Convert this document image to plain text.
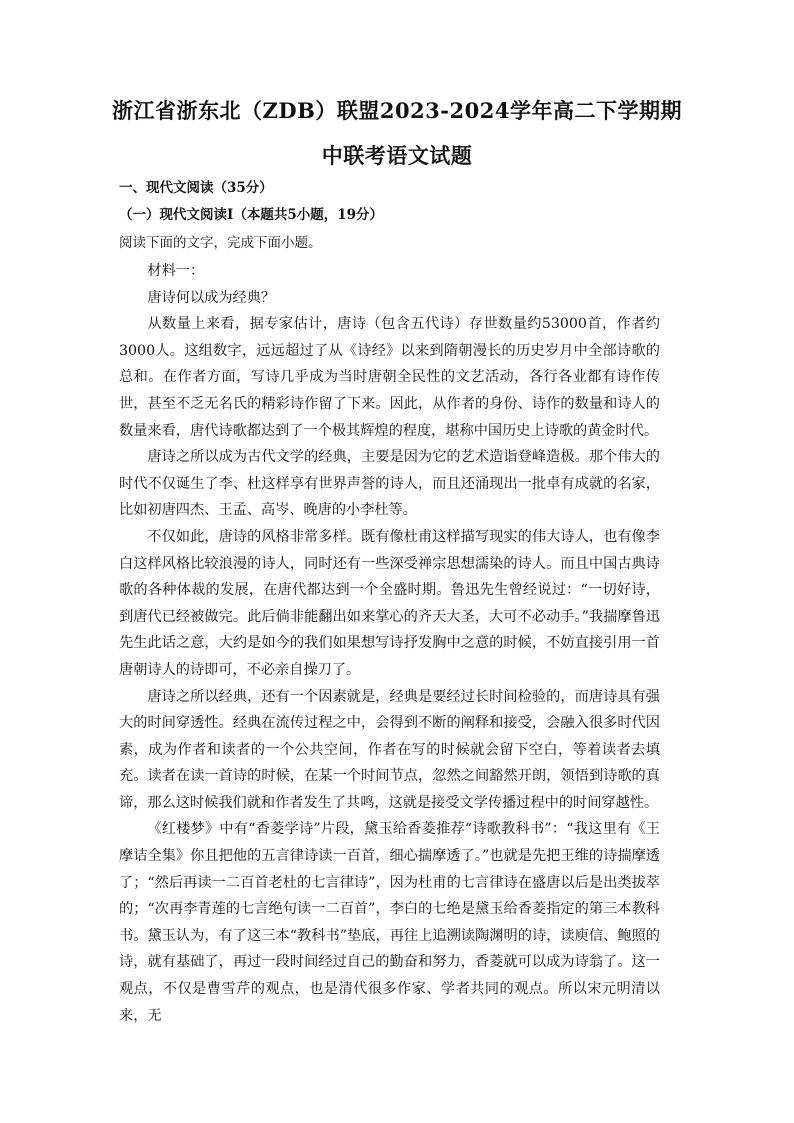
浙江省浙东北（ZDB）联盟2023-2024学年高二下学期期
中联考语文试题
一、现代文阅读（35分）
（一）现代文阅读Ⅰ（本题共5小题，19分）
阅读下面的文字，完成下面小题。

材料一：

唐诗何以成为经典？

从数量上来看，据专家估计，唐诗（包含五代诗）存世数量约53000首，作者约3000人。这组数字，远远超过了从《诗经》以来到隋朝漫长的历史岁月中全部诗歌的总和。在作者方面，写诗几乎成为当时唐朝全民性的文艺活动，各行各业都有诗作传世，甚至不乏无名氏的精彩诗作留了下来。因此，从作者的身份、诗作的数量和诗人的数量来看，唐代诗歌都达到了一个极其辉煌的程度，堪称中国历史上诗歌的黄金时代。

唐诗之所以成为古代文学的经典，主要是因为它的艺术造诣登峰造极。那个伟大的时代不仅诞生了李、杜这样享有世界声誉的诗人，而且还涌现出一批卓有成就的名家，比如初唐四杰、王孟、高岑、晚唐的小李杜等。

不仅如此，唐诗的风格非常多样。既有像杜甫这样描写现实的伟大诗人，也有像李白这样风格比较浪漫的诗人，同时还有一些深受禅宗思想濡染的诗人。而且中国古典诗歌的各种体裁的发展，在唐代都达到一个全盛时期。鲁迅先生曾经说过：“一切好诗，到唐代已经被做完。此后倘非能翻出如来掌心的齐天大圣，大可不必动手。”我揣摩鲁迅先生此话之意，大约是如今的我们如果想写诗抒发胸中之意的时候，不妨直接引用一首唐朝诗人的诗即可，不必亲自操刀了。

唐诗之所以经典，还有一个因素就是，经典是要经过长时间检验的，而唐诗具有强大的时间穿透性。经典在流传过程之中，会得到不断的阐释和接受，会融入很多时代因素，成为作者和读者的一个公共空间，作者在写的时候就会留下空白，等着读者去填充。读者在读一首诗的时候，在某一个时间节点，忽然之间豁然开朗，领悟到诗歌的真谛，那么这时候我们就和作者发生了共鸣，这就是接受文学传播过程中的时间穿越性。

《红楼梦》中有“香菱学诗”片段，黛玉给香菱推荐“诗歌教科书”：“我这里有《王摩诘全集》你且把他的五言律诗读一百首，细心揣摩透了。”也就是先把王维的诗揣摩透了；“然后再读一二百首老杜的七言律诗”，因为杜甫的七言律诗在盛唐以后是出类拔萃的；“次再李青莲的七言绝句读一二百首”，李白的七绝是黛玉给香菱指定的第三本教科书。黛玉认为，有了这三本“教科书”垫底，再往上追溯读陶渊明的诗，读庾信、鲍照的诗，就有基础了，再过一段时间经过自己的勤奋和努力，香菱就可以成为诗翁了。这一观点，不仅是曹雪芹的观点，也是清代很多作家、学者共同的观点。所以宋元明清以来，无
